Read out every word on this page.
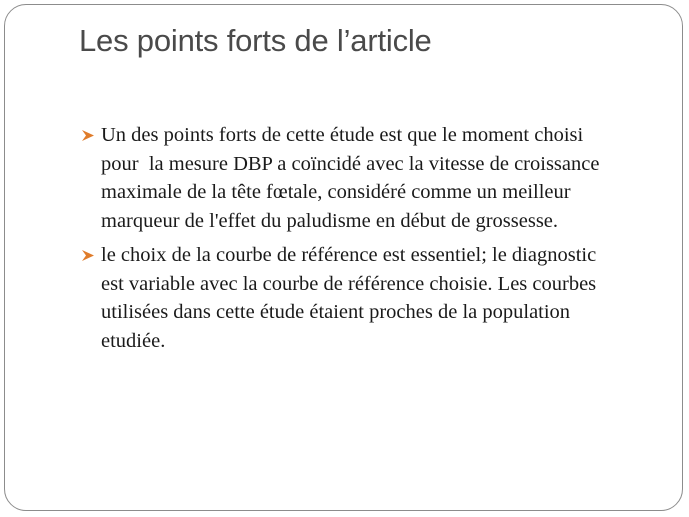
Les points forts de l’article
Un des points forts de cette étude est que le moment choisi
pour  la mesure DBP a coïncidé avec la vitesse de croissance
maximale de la tête fœtale, considéré comme un meilleur
marqueur de l'effet du paludisme en début de grossesse.
le choix de la courbe de référence est essentiel; le diagnostic
est variable avec la courbe de référence choisie. Les courbes
utilisées dans cette étude étaient proches de la population
etudiée.
